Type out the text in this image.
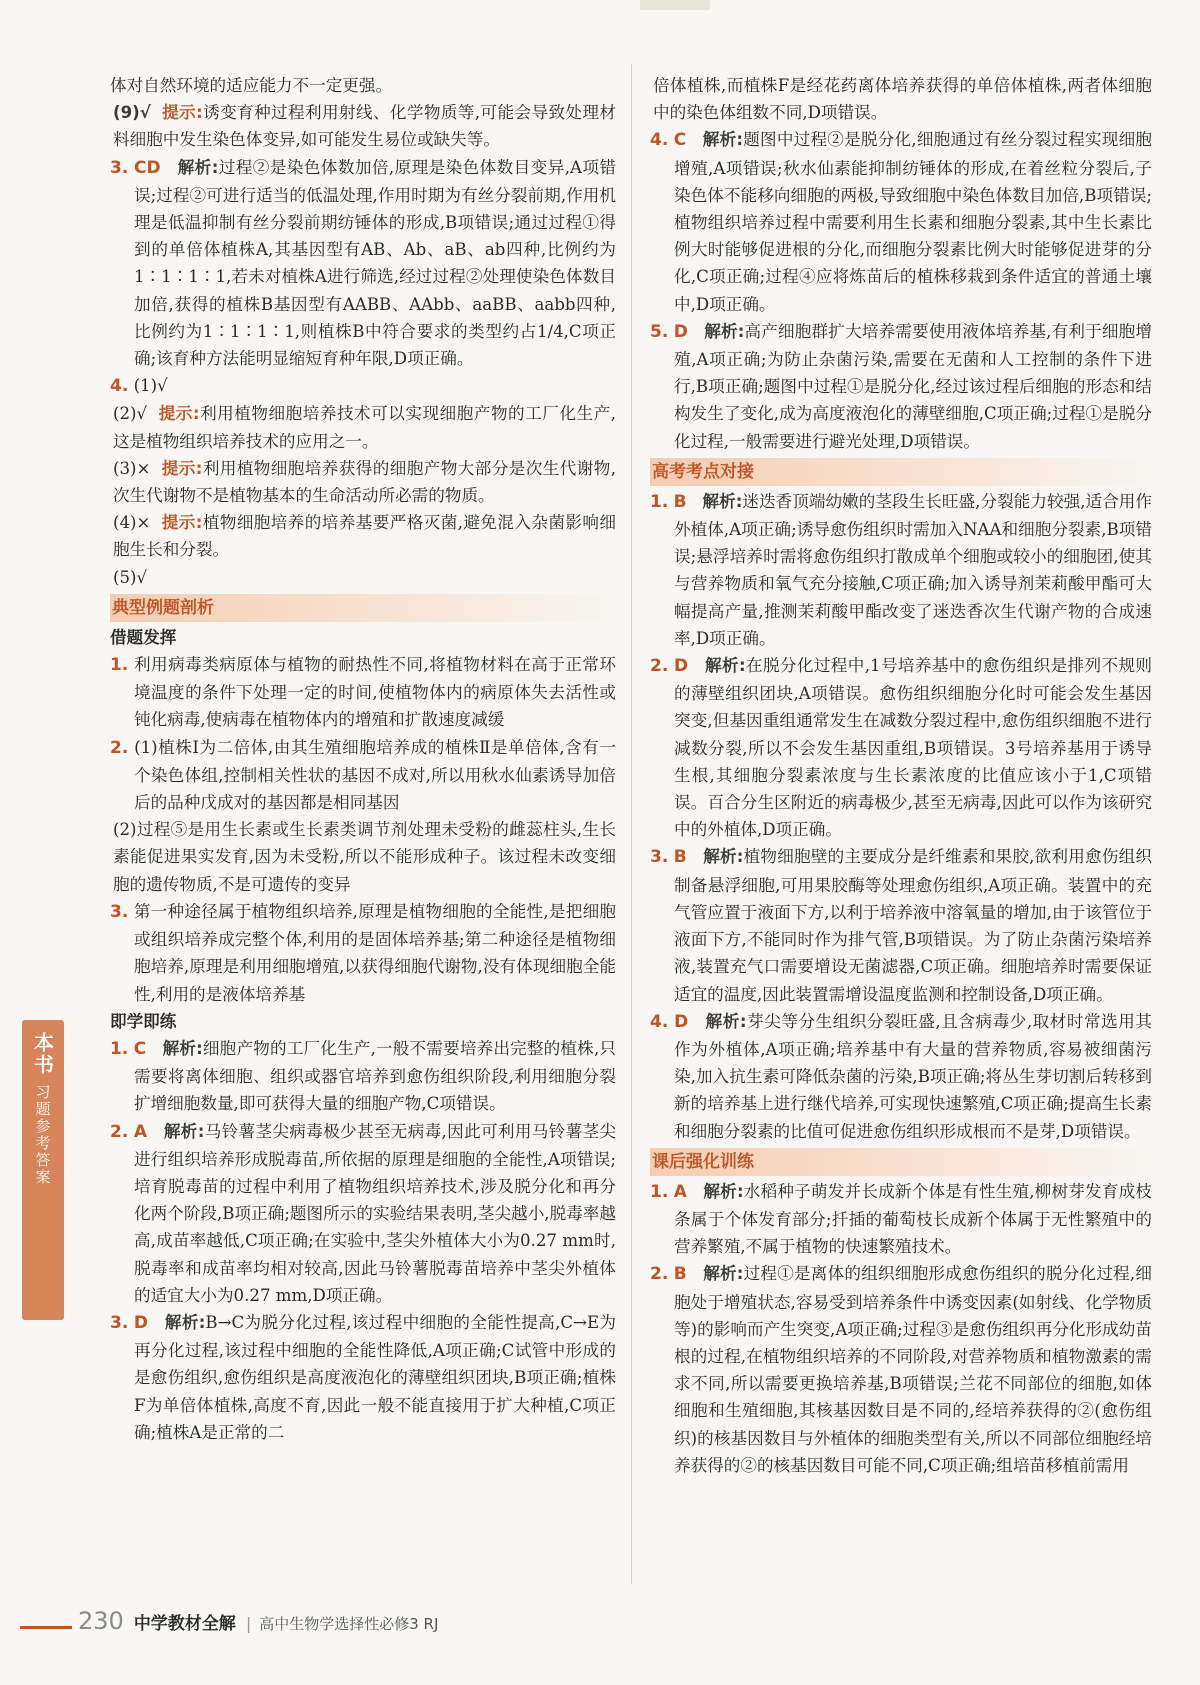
体对自然环境的适应能力不一定更强。

(9)√ 提示:诱变育种过程利用射线、化学物质等,可能会导致处理材料细胞中发生染色体变异,如可能发生易位或缺失等。

3. CD 解析:过程②是染色体数加倍,原理是染色体数目变异,A项错误;过程②可进行适当的低温处理,作用时期为有丝分裂前期,作用机理是低温抑制有丝分裂前期纺锤体的形成,B项错误;通过过程①得到的单倍体植株A,其基因型有AB、Ab、aB、ab四种,比例约为1∶1∶1∶1,若未对植株A进行筛选,经过过程②处理使染色体数目加倍,获得的植株B基因型有AABB、AAbb、aaBB、aabb四种,比例约为1∶1∶1∶1,则植株B中符合要求的类型约占1/4,C项正确;该育种方法能明显缩短育种年限,D项正确。

4. (1)√

(2)√ 提示:利用植物细胞培养技术可以实现细胞产物的工厂化生产,这是植物组织培养技术的应用之一。

(3)× 提示:利用植物细胞培养获得的细胞产物大部分是次生代谢物,次生代谢物不是植物基本的生命活动所必需的物质。

(4)× 提示:植物细胞培养的培养基要严格灭菌,避免混入杂菌影响细胞生长和分裂。

(5)√

典型例题剖析

借题发挥

1. 利用病毒类病原体与植物的耐热性不同,将植物材料在高于正常环境温度的条件下处理一定的时间,使植物体内的病原体失去活性或钝化病毒,使病毒在植物体内的增殖和扩散速度减缓

2. (1)植株Ⅰ为二倍体,由其生殖细胞培养成的植株Ⅱ是单倍体,含有一个染色体组,控制相关性状的基因不成对,所以用秋水仙素诱导加倍后的品种戊成对的基因都是相同基因

(2)过程⑤是用生长素或生长素类调节剂处理未受粉的雌蕊柱头,生长素能促进果实发育,因为未受粉,所以不能形成种子。该过程未改变细胞的遗传物质,不是可遗传的变异

3. 第一种途径属于植物组织培养,原理是植物细胞的全能性,是把细胞或组织培养成完整个体,利用的是固体培养基;第二种途径是植物细胞培养,原理是利用细胞增殖,以获得细胞代谢物,没有体现细胞全能性,利用的是液体培养基

即学即练

1. C 解析:细胞产物的工厂化生产,一般不需要培养出完整的植株,只需要将离体细胞、组织或器官培养到愈伤组织阶段,利用细胞分裂扩增细胞数量,即可获得大量的细胞产物,C项错误。

2. A 解析:马铃薯茎尖病毒极少甚至无病毒,因此可利用马铃薯茎尖进行组织培养形成脱毒苗,所依据的原理是细胞的全能性,A项错误;培育脱毒苗的过程中利用了植物组织培养技术,涉及脱分化和再分化两个阶段,B项正确;题图所示的实验结果表明,茎尖越小,脱毒率越高,成苗率越低,C项正确;在实验中,茎尖外植体大小为0.27 mm时,脱毒率和成苗率均相对较高,因此马铃薯脱毒苗培养中茎尖外植体的适宜大小为0.27 mm,D项正确。

3. D 解析:B→C为脱分化过程,该过程中细胞的全能性提高,C→E为再分化过程,该过程中细胞的全能性降低,A项正确;C试管中形成的是愈伤组织,愈伤组织是高度液泡化的薄壁组织团块,B项正确;植株F为单倍体植株,高度不育,因此一般不能直接用于扩大种植,C项正确;植株A是正常的二

倍体植株,而植株F是经花药离体培养获得的单倍体植株,两者体细胞中的染色体组数不同,D项错误。

4. C 解析:题图中过程②是脱分化,细胞通过有丝分裂过程实现细胞增殖,A项错误;秋水仙素能抑制纺锤体的形成,在着丝粒分裂后,子染色体不能移向细胞的两极,导致细胞中染色体数目加倍,B项错误;植物组织培养过程中需要利用生长素和细胞分裂素,其中生长素比例大时能够促进根的分化,而细胞分裂素比例大时能够促进芽的分化,C项正确;过程④应将炼苗后的植株移栽到条件适宜的普通土壤中,D项正确。

5. D 解析:高产细胞群扩大培养需要使用液体培养基,有利于细胞增殖,A项正确;为防止杂菌污染,需要在无菌和人工控制的条件下进行,B项正确;题图中过程①是脱分化,经过该过程后细胞的形态和结构发生了变化,成为高度液泡化的薄壁细胞,C项正确;过程①是脱分化过程,一般需要进行避光处理,D项错误。

高考考点对接

1. B 解析:迷迭香顶端幼嫩的茎段生长旺盛,分裂能力较强,适合用作外植体,A项正确;诱导愈伤组织时需加入NAA和细胞分裂素,B项错误;悬浮培养时需将愈伤组织打散成单个细胞或较小的细胞团,使其与营养物质和氧气充分接触,C项正确;加入诱导剂茉莉酸甲酯可大幅提高产量,推测茉莉酸甲酯改变了迷迭香次生代谢产物的合成速率,D项正确。

2. D 解析:在脱分化过程中,1号培养基中的愈伤组织是排列不规则的薄壁组织团块,A项错误。愈伤组织细胞分化时可能会发生基因突变,但基因重组通常发生在减数分裂过程中,愈伤组织细胞不进行减数分裂,所以不会发生基因重组,B项错误。3号培养基用于诱导生根,其细胞分裂素浓度与生长素浓度的比值应该小于1,C项错误。百合分生区附近的病毒极少,甚至无病毒,因此可以作为该研究中的外植体,D项正确。

3. B 解析:植物细胞壁的主要成分是纤维素和果胶,欲利用愈伤组织制备悬浮细胞,可用果胶酶等处理愈伤组织,A项正确。装置中的充气管应置于液面下方,以利于培养液中溶氧量的增加,由于该管位于液面下方,不能同时作为排气管,B项错误。为了防止杂菌污染培养液,装置充气口需要增设无菌滤器,C项正确。细胞培养时需要保证适宜的温度,因此装置需增设温度监测和控制设备,D项正确。

4. D 解析:芽尖等分生组织分裂旺盛,且含病毒少,取材时常选用其作为外植体,A项正确;培养基中有大量的营养物质,容易被细菌污染,加入抗生素可降低杂菌的污染,B项正确;将丛生芽切割后转移到新的培养基上进行继代培养,可实现快速繁殖,C项正确;提高生长素和细胞分裂素的比值可促进愈伤组织形成根而不是芽,D项错误。

课后强化训练

1. A 解析:水稻种子萌发并长成新个体是有性生殖,柳树芽发育成枝条属于个体发育部分;扦插的葡萄枝长成新个体属于无性繁殖中的营养繁殖,不属于植物的快速繁殖技术。

2. B 解析:过程①是离体的组织细胞形成愈伤组织的脱分化过程,细胞处于增殖状态,容易受到培养条件中诱变因素(如射线、化学物质等)的影响而产生突变,A项正确;过程③是愈伤组织再分化形成幼苗根的过程,在植物组织培养的不同阶段,对营养物质和植物激素的需求不同,所以需要更换培养基,B项错误;兰花不同部位的细胞,如体细胞和生殖细胞,其核基因数目是不同的,经培养获得的②(愈伤组织)的核基因数目与外植体的细胞类型有关,所以不同部位细胞经培养获得的②的核基因数目可能不同,C项正确;组培苗移植前需用

本书
习题参考答案
230 中学教材全解 | 高中生物学选择性必修3 RJ
